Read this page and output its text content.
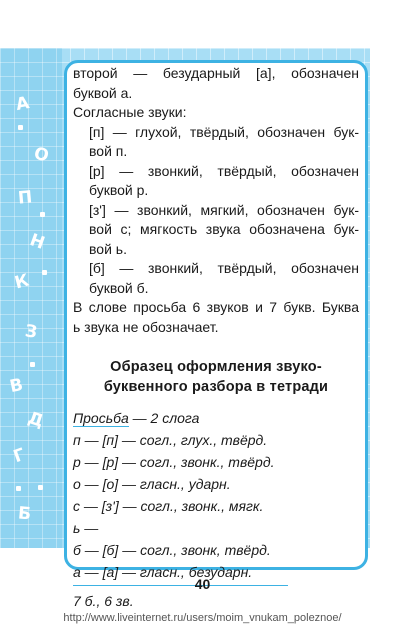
А
О
П
Н
К
З
В
Д
Г
Б

второй — безударный [а], обозначен

буквой а.

Согласные звуки:

[п] — глухой, твёрдый, обозначен бук-

вой п.

[р] — звонкий, твёрдый, обозначен

буквой р.

[з'] — звонкий, мягкий, обозначен бук-

вой с; мягкость звука обозначена бук-

вой ь.

[б] — звонкий, твёрдый, обозначен

буквой б.

В слове просьба 6 звуков и 7 букв. Буква

ь звука не обозначает.

Образец оформления звуко-
буквенного разбора в тетради

Просьба — 2 слога

п — [п] — согл., глух., твёрд.

р — [р] — согл., звонк., твёрд.

о — [о] — гласн., ударн.

с — [з'] — согл., звонк., мягк.

ь —

б — [б] — согл., звонк, твёрд.

а — [а] — гласн., безударн.

7 б., 6 зв.

40
http://www.liveinternet.ru/users/moim_vnukam_poleznoe/
